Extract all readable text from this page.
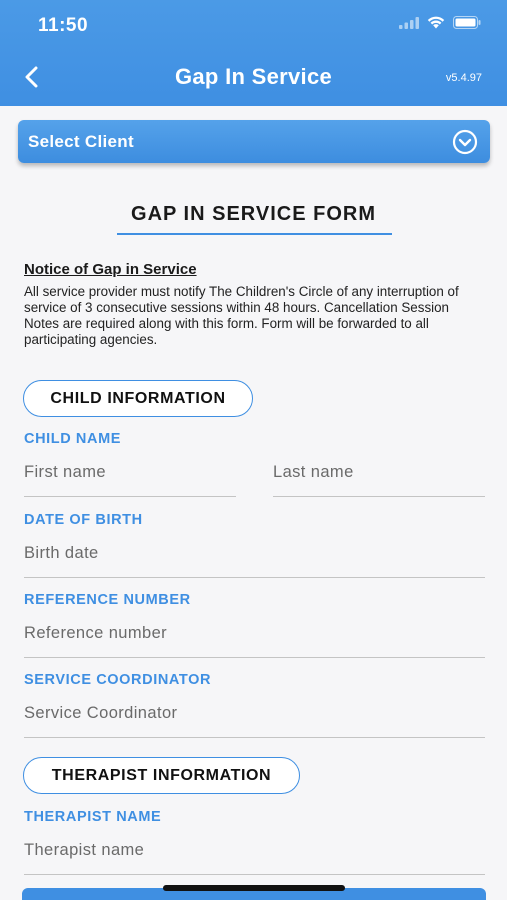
11:50
Gap In Service	v5.4.97
Select Client
GAP IN SERVICE FORM
Notice of Gap in Service
All service provider must notify The Children's Circle of any interruption of service of 3 consecutive sessions within 48 hours. Cancellation Session Notes are required along with this form. Form will be forwarded to all participating agencies.
CHILD INFORMATION
CHILD NAME
First name
Last name
DATE OF BIRTH
Birth date
REFERENCE NUMBER
Reference number
SERVICE COORDINATOR
Service Coordinator
THERAPIST INFORMATION
THERAPIST NAME
Therapist name
